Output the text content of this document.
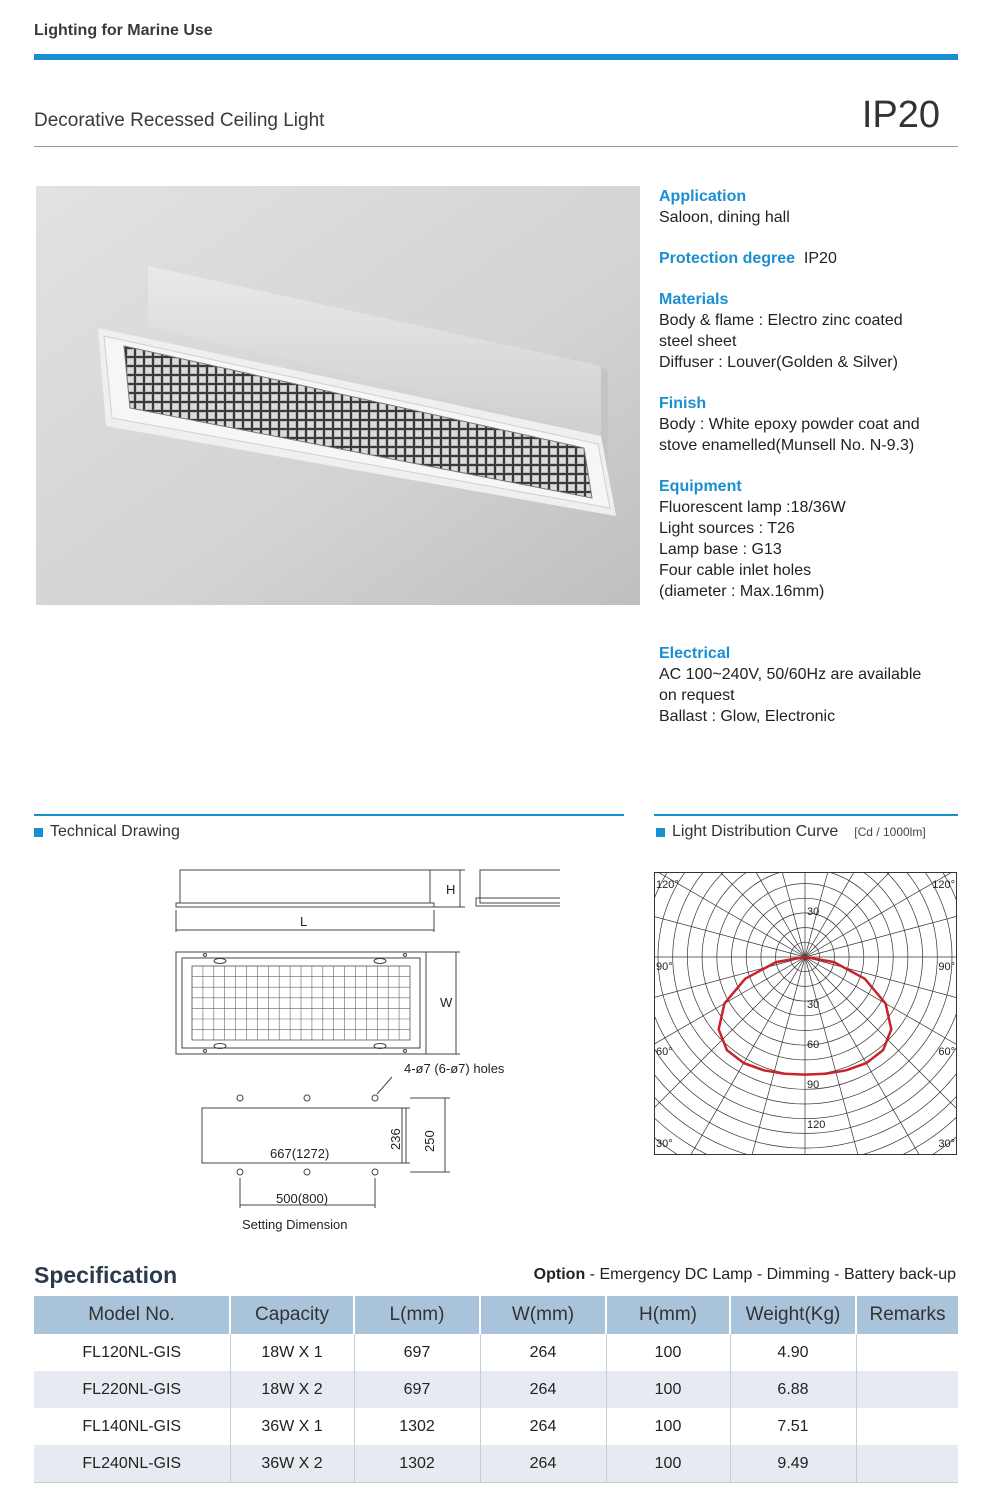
Lighting for Marine Use
Decorative Recessed Ceiling Light	IP20
Application
Saloon, dining hall
Protection degree IP20
Materials
Body & flame : Electro zinc coated
steel sheet
Diffuser : Louver(Golden & Silver)
Finish
Body : White epoxy powder coat and
stove enamelled(Munsell No. N-9.3)
Equipment
Fluorescent lamp :18/36W
Light sources : T26
Lamp base : G13
Four cable inlet holes
(diameter : Max.16mm)
Electrical
AC 100~240V, 50/60Hz are available
on request
Ballast : Glow, Electronic
Technical Drawing	Light Distribution Curve [Cd / 1000lm]
H
L
W
4-ø7 (6-ø7) holes
236 250
667(1272)
500(800)
Setting Dimension
120°	120°
90°	90°
60°	60°
30°	30°
30
30
60
90
120
Specification	Option - Emergency DC Lamp - Dimming - Battery back-up
Model No.	Capacity	L(mm)	W(mm)	H(mm)	Weight(Kg)	Remarks
FL120NL-GIS	18W X 1	697	264	100	4.90	
FL220NL-GIS	18W X 2	697	264	100	6.88	
FL140NL-GIS	36W X 1	1302	264	100	7.51	
FL240NL-GIS	36W X 2	1302	264	100	9.49	
